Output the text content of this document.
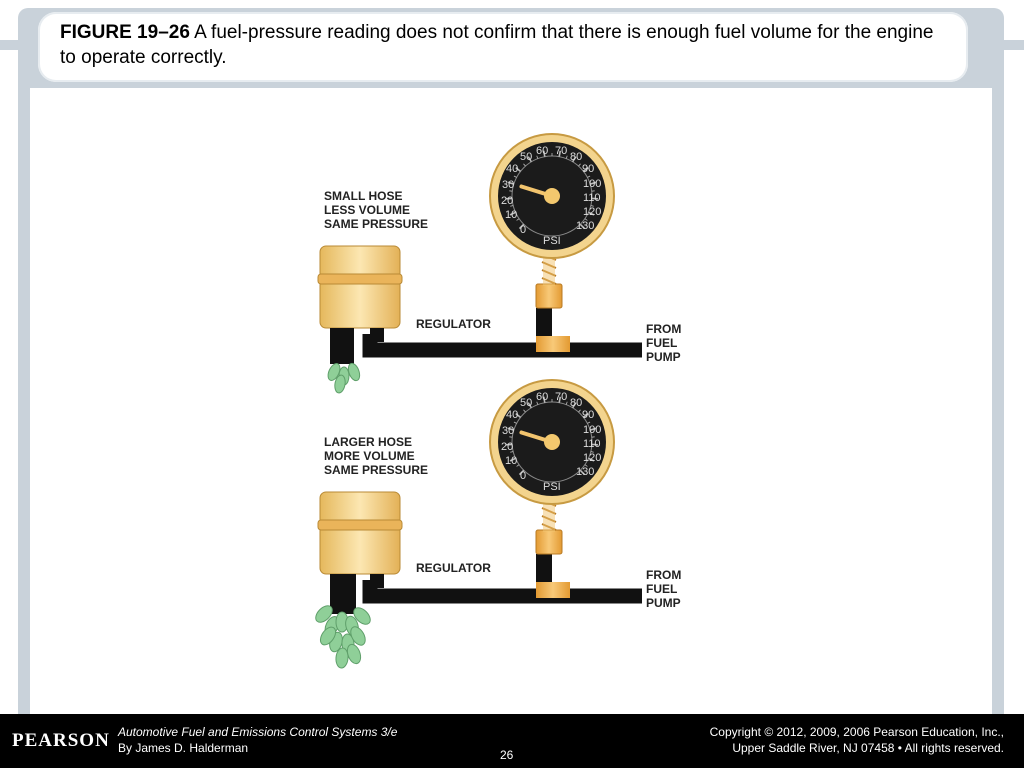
FIGURE 19–26 A fuel-pressure reading does not confirm that there is enough fuel volume for the engine to operate correctly.
SMALL HOSE
LESS VOLUME
SAME PRESSURE	0
10
20
30
40
50 60 70 80
90
100
110
120
130
PSI
REGULATOR	FROM
FUEL
PUMP
LARGER HOSE
MORE VOLUME
SAME PRESSURE	0
10
20
30
40
50 60 70 80
90
100
110
120
130
PSI
REGULATOR	FROM
FUEL
PUMP
PEARSON Automotive Fuel and Emissions Control Systems 3/e
By James D. Halderman	26
Copyright © 2012, 2009, 2006 Pearson Education, Inc.,
Upper Saddle River, NJ 07458 • All rights reserved.
